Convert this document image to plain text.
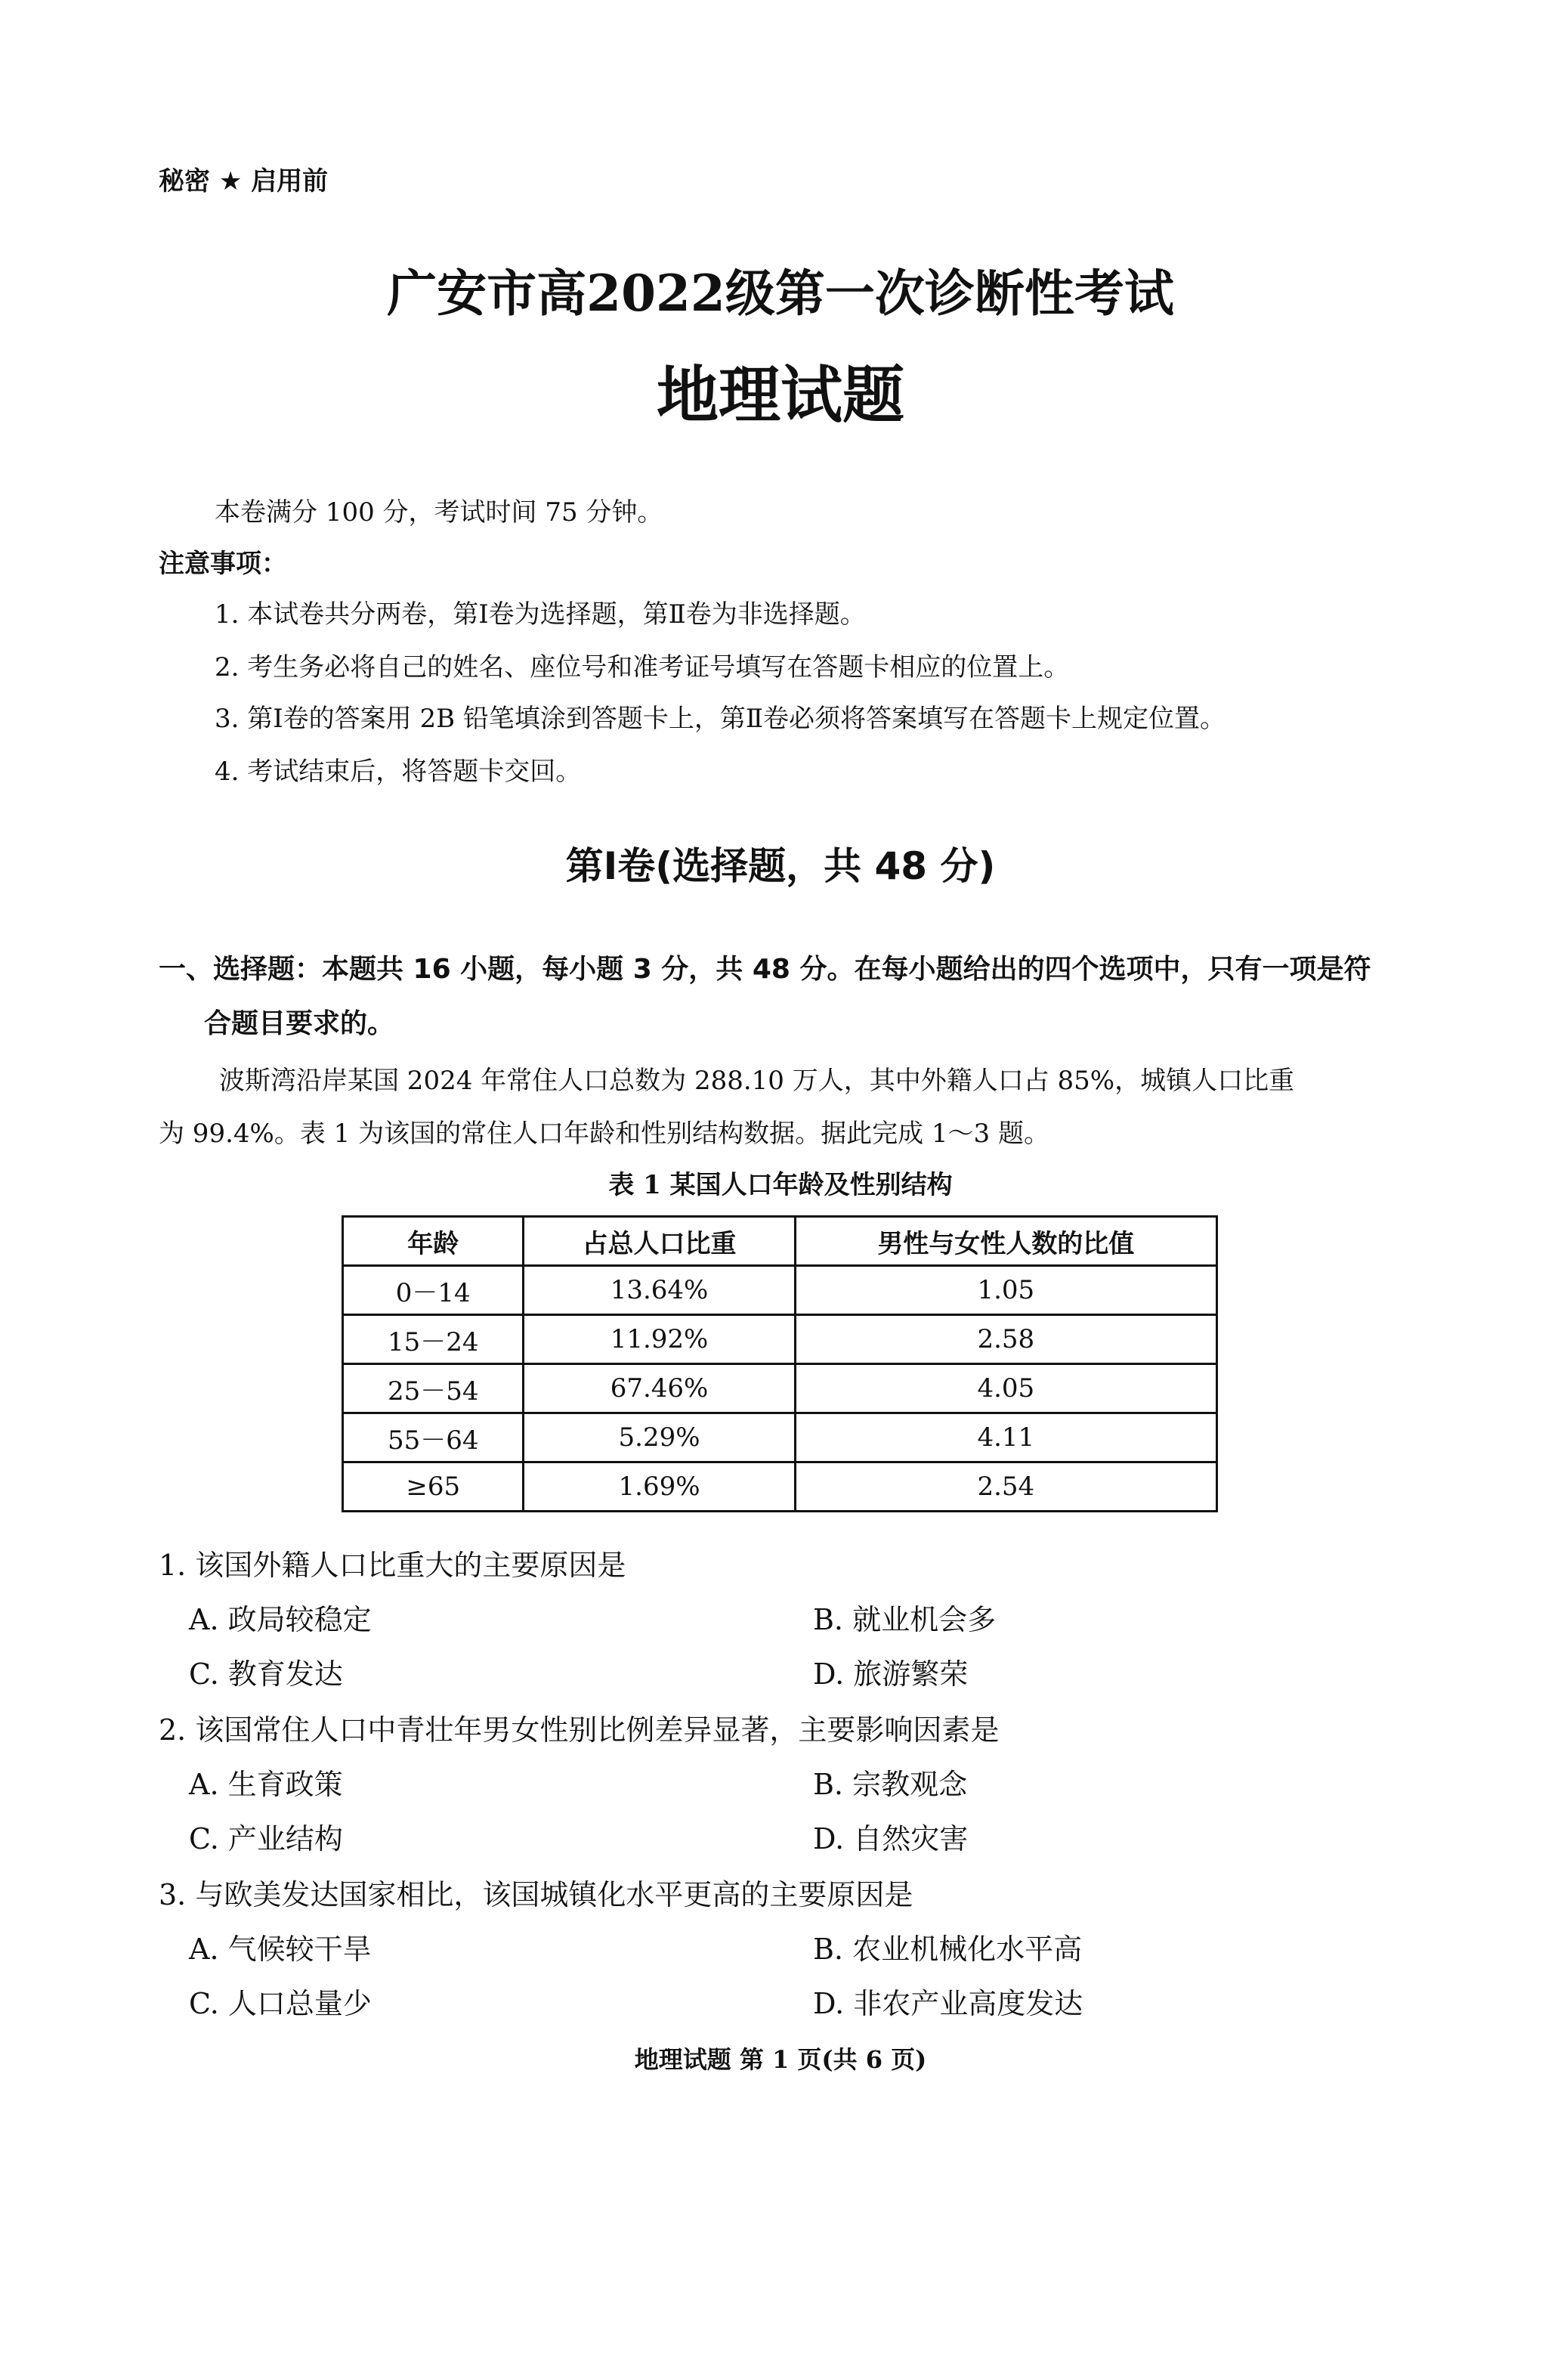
秘密 ★ 启用前
广安市高2022级第一次诊断性考试
地理试题
本卷满分 100 分，考试时间 75 分钟。
注意事项：
1. 本试卷共分两卷，第Ⅰ卷为选择题，第Ⅱ卷为非选择题。
2. 考生务必将自己的姓名、座位号和准考证号填写在答题卡相应的位置上。
3. 第Ⅰ卷的答案用 2B 铅笔填涂到答题卡上，第Ⅱ卷必须将答案填写在答题卡上规定位置。
4. 考试结束后，将答题卡交回。
第Ⅰ卷(选择题，共 48 分)
一、选择题：本题共 16 小题，每小题 3 分，共 48 分。在每小题给出的四个选项中，只有一项是符
合题目要求的。
波斯湾沿岸某国 2024 年常住人口总数为 288.10 万人，其中外籍人口占 85%，城镇人口比重
为 99.4%。表 1 为该国的常住人口年龄和性别结构数据。据此完成 1～3 题。
表 1 某国人口年龄及性别结构
年龄	占总人口比重	男性与女性人数的比值
0－14	13.64%	1.05
15－24	11.92%	2.58
25－54	67.46%	4.05
55－64	5.29%	4.11
≥65	1.69%	2.54
1. 该国外籍人口比重大的主要原因是
A. 政局较稳定	B. 就业机会多
C. 教育发达	D. 旅游繁荣
2. 该国常住人口中青壮年男女性别比例差异显著，主要影响因素是
A. 生育政策	B. 宗教观念
C. 产业结构	D. 自然灾害
3. 与欧美发达国家相比，该国城镇化水平更高的主要原因是
A. 气候较干旱	B. 农业机械化水平高
C. 人口总量少	D. 非农产业高度发达
地理试题 第 1 页(共 6 页)
